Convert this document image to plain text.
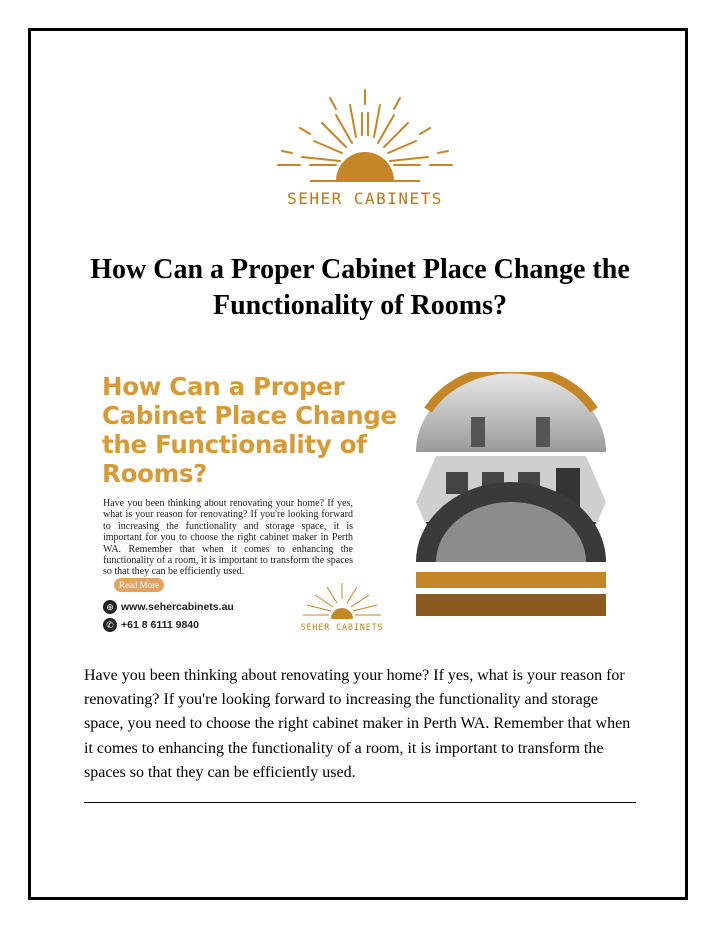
SEHER CABINETS
How Can a Proper Cabinet Place Change the Functionality of Rooms?
How Can a Proper Cabinet Place Change the Functionality of Rooms?
Have you been thinking about renovating your home? If yes, what is your reason for renovating? If you're looking forward to increasing the functionality and storage space, it is important for you to choose the right cabinet maker in Perth WA. Remember that when it comes to enhancing the functionality of a room, it is important to transform the spaces so that they can be efficiently used.
Read More
⊕ www.sehercabinets.au
✆ +61 8 6111 9840	SEHER CABINETS

Have you been thinking about renovating your home? If yes, what is your reason for renovating? If you're looking forward to increasing the functionality and storage space, you need to choose the right cabinet maker in Perth WA. Remember that when it comes to enhancing the functionality of a room, it is important to transform the spaces so that they can be efficiently used.
